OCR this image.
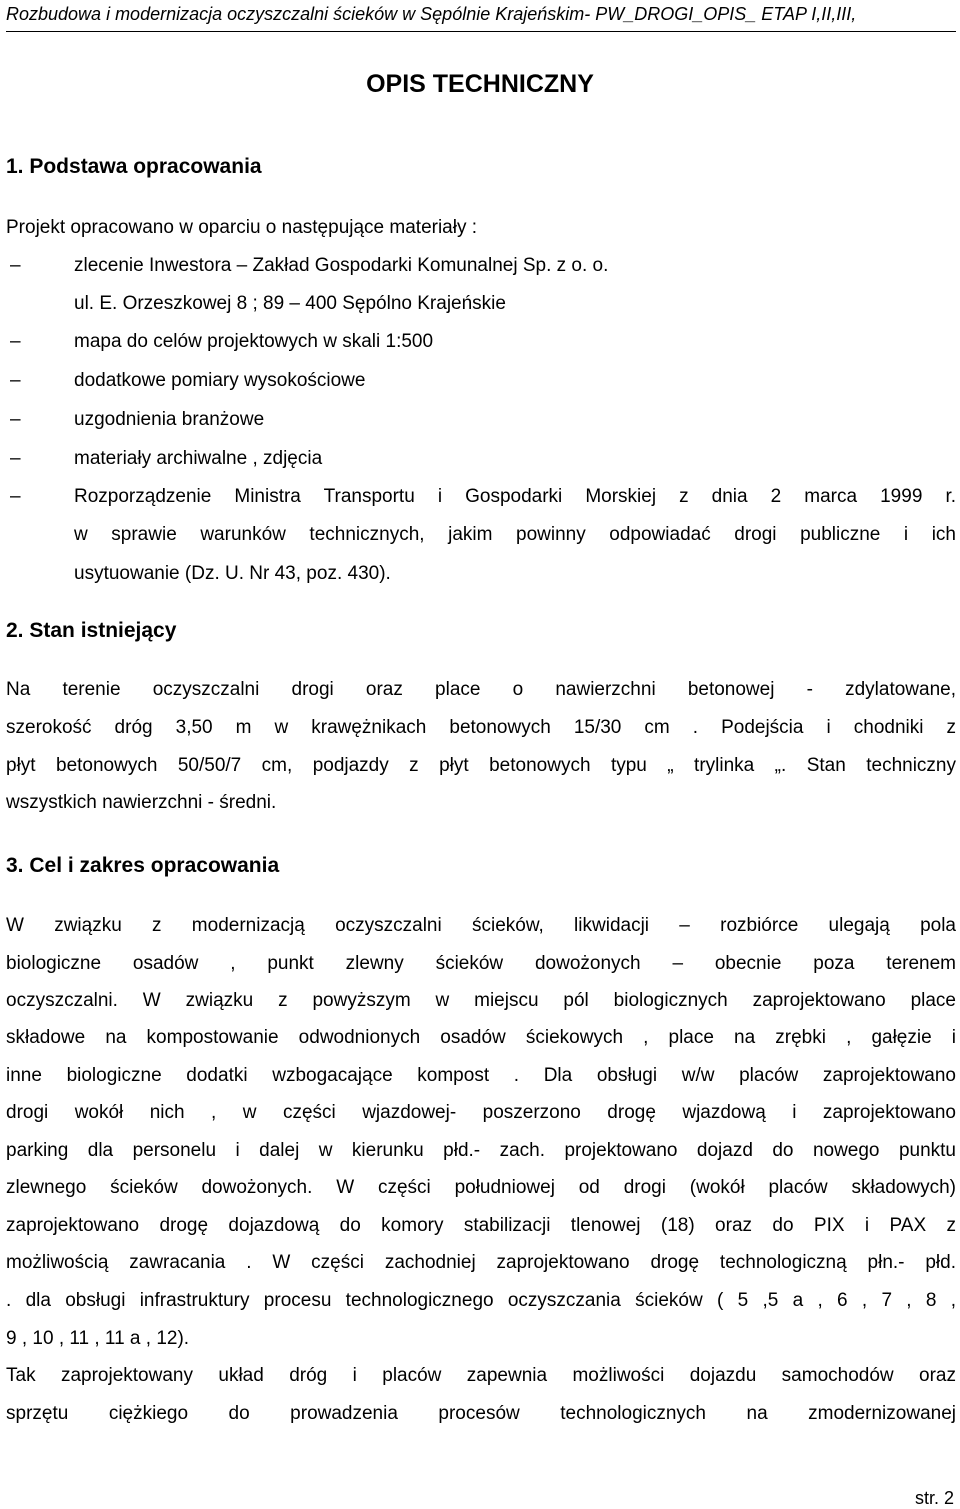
Rozbudowa i modernizacja oczyszczalni ścieków w Sępólnie Krajeńskim- PW_DROGI_OPIS_ ETAP I,II,III,
OPIS TECHNICZNY
1. Podstawa opracowania

Projekt opracowano w oparciu o następujące materiały :

–	zlecenie Inwestora – Zakład Gospodarki Komunalnej Sp. z o. o.
ul. E. Orzeszkowej 8 ; 89 – 400 Sępólno Krajeńskie
–	mapa do celów projektowych w skali 1:500
–	dodatkowe pomiary wysokościowe
–	uzgodnienia branżowe
–	materiały archiwalne , zdjęcia
–	Rozporządzenie Ministra Transportu i Gospodarki Morskiej z dnia 2 marca 1999 r.
w sprawie warunków technicznych, jakim powinny odpowiadać drogi publiczne i ich
usytuowanie (Dz. U. Nr 43, poz. 430).
2. Stan istniejący
Na terenie oczyszczalni drogi oraz place o nawierzchni betonowej - zdylatowane,
szerokość dróg 3,50 m w krawężnikach betonowych 15/30 cm . Podejścia i chodniki z
płyt betonowych 50/50/7 cm, podjazdy z płyt betonowych typu „ trylinka „. Stan techniczny
wszystkich nawierzchni - średni.
3. Cel i zakres opracowania
W związku z modernizacją oczyszczalni ścieków, likwidacji – rozbiórce ulegają pola
biologiczne osadów , punkt zlewny ścieków dowożonych – obecnie poza terenem
oczyszczalni. W związku z powyższym w miejscu pól biologicznych zaprojektowano place
składowe na kompostowanie odwodnionych osadów ściekowych , place na zrębki , gałęzie i
inne biologiczne dodatki wzbogacające kompost . Dla obsługi w/w placów zaprojektowano
drogi wokół nich , w części wjazdowej- poszerzono drogę wjazdową i zaprojektowano
parking dla personelu i dalej w kierunku płd.- zach. projektowano dojazd do nowego punktu
zlewnego ścieków dowożonych. W części południowej od drogi (wokół placów składowych)
zaprojektowano drogę dojazdową do komory stabilizacji tlenowej (18) oraz do PIX i PAX z
możliwością zawracania . W części zachodniej zaprojektowano drogę technologiczną płn.- płd.
. dla obsługi infrastruktury procesu technologicznego oczyszczania ścieków ( 5 ,5 a , 6 , 7 , 8 ,
9 , 10 , 11 , 11 a , 12).
Tak zaprojektowany układ dróg i placów zapewnia możliwości dojazdu samochodów oraz
sprzętu ciężkiego do prowadzenia procesów technologicznych na zmodernizowanej
str. 2
